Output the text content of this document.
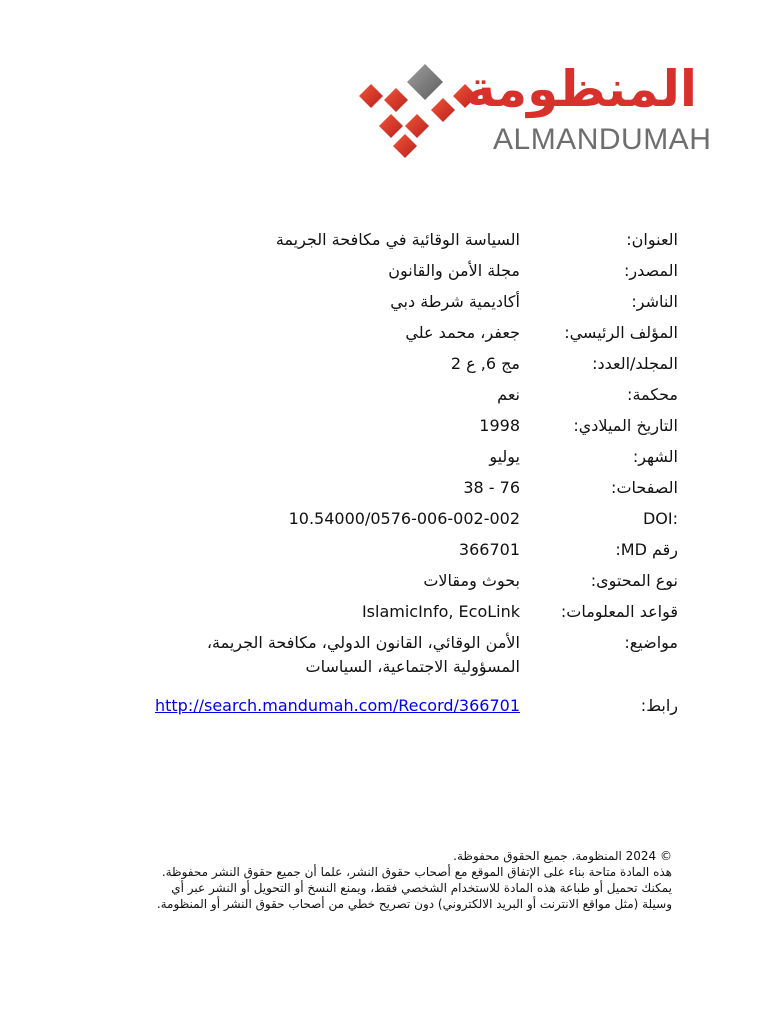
المنظومة
ALMANDUMAH
العنوان:
السياسة الوقائية في مكافحة الجريمة
المصدر:
مجلة الأمن والقانون
الناشر:
أكاديمية شرطة دبي
المؤلف الرئيسي:
جعفر، محمد علي
المجلد/العدد:
مج 6, ع 2
محكمة:
نعم
التاريخ الميلادي:
1998
الشهر:
يوليو
الصفحات:
38 - 76
DOI:
10.54000/0576-006-002-002
رقم MD:
366701
نوع المحتوى:
بحوث ومقالات
قواعد المعلومات:
IslamicInfo, EcoLink
مواضيع:
الأمن الوقائي، القانون الدولي، مكافحة الجريمة،
المسؤولية الاجتماعية، السياسات
رابط:
http://search.mandumah.com/Record/366701
© 2024 المنظومة. جميع الحقوق محفوظة.
هذه المادة متاحة بناء على الإتفاق الموقع مع أصحاب حقوق النشر، علما أن جميع حقوق النشر محفوظة.
يمكنك تحميل أو طباعة هذه المادة للاستخدام الشخصي فقط، ويمنع النسخ أو التحويل أو النشر عبر أي
وسيلة (مثل مواقع الانترنت أو البريد الالكتروني) دون تصريح خطي من أصحاب حقوق النشر أو المنظومة.
